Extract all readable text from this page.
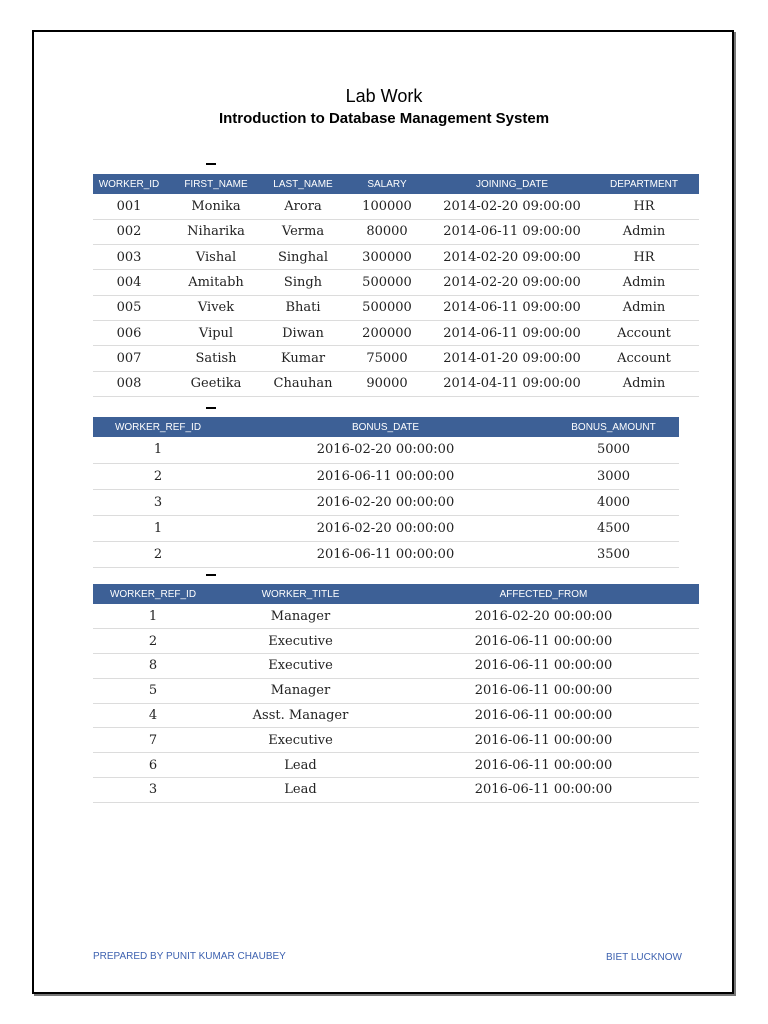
Lab Work
Introduction to Database Management System
WORKER_ID	FIRST_NAME	LAST_NAME	SALARY	JOINING_DATE	DEPARTMENT
001	Monika	Arora	100000	2014-02-20 09:00:00	HR
002	Niharika	Verma	80000	2014-06-11 09:00:00	Admin
003	Vishal	Singhal	300000	2014-02-20 09:00:00	HR
004	Amitabh	Singh	500000	2014-02-20 09:00:00	Admin
005	Vivek	Bhati	500000	2014-06-11 09:00:00	Admin
006	Vipul	Diwan	200000	2014-06-11 09:00:00	Account
007	Satish	Kumar	75000	2014-01-20 09:00:00	Account
008	Geetika	Chauhan	90000	2014-04-11 09:00:00	Admin
WORKER_REF_ID	BONUS_DATE	BONUS_AMOUNT
1	2016-02-20 00:00:00	5000
2	2016-06-11 00:00:00	3000
3	2016-02-20 00:00:00	4000
1	2016-02-20 00:00:00	4500
2	2016-06-11 00:00:00	3500
WORKER_REF_ID	WORKER_TITLE	AFFECTED_FROM
1	Manager	2016-02-20 00:00:00
2	Executive	2016-06-11 00:00:00
8	Executive	2016-06-11 00:00:00
5	Manager	2016-06-11 00:00:00
4	Asst. Manager	2016-06-11 00:00:00
7	Executive	2016-06-11 00:00:00
6	Lead	2016-06-11 00:00:00
3	Lead	2016-06-11 00:00:00
PREPARED BY PUNIT KUMAR CHAUBEY	BIET LUCKNOW
